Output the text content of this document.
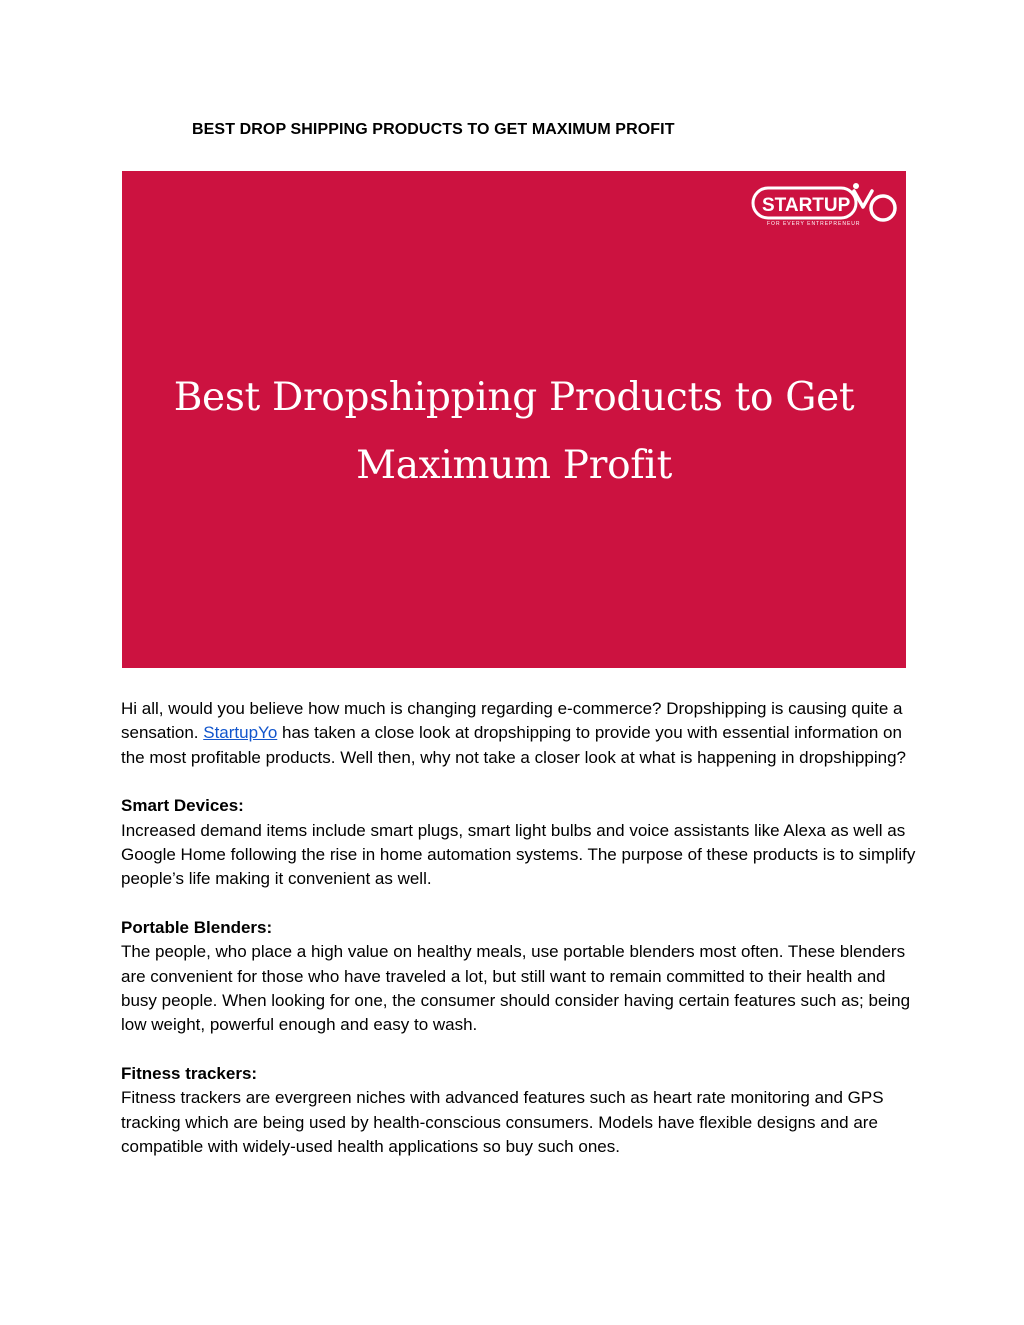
BEST DROP SHIPPING PRODUCTS TO GET MAXIMUM PROFIT
STARTUP
FOR EVERY ENTREPRENEUR
Best Dropshipping Products to Get
Maximum Profit

Hi all, would you believe how much is changing regarding e-commerce? Dropshipping is causing quite a sensation. StartupYo has taken a close look at dropshipping to provide you with essential information on the most profitable products. Well then, why not take a closer look at what is happening in dropshipping?

Smart Devices:

Increased demand items include smart plugs, smart light bulbs and voice assistants like Alexa as well as Google Home following the rise in home automation systems. The purpose of these products is to simplify people’s life making it convenient as well.

Portable Blenders:

The people, who place a high value on healthy meals, use portable blenders most often. These blenders are convenient for those who have traveled a lot, but still want to remain committed to their health and busy people. When looking for one, the consumer should consider having certain features such as; being low weight, powerful enough and easy to wash.

Fitness trackers:

Fitness trackers are evergreen niches with advanced features such as heart rate monitoring and GPS tracking which are being used by health-conscious consumers. Models have flexible designs and are compatible with widely-used health applications so buy such ones.
